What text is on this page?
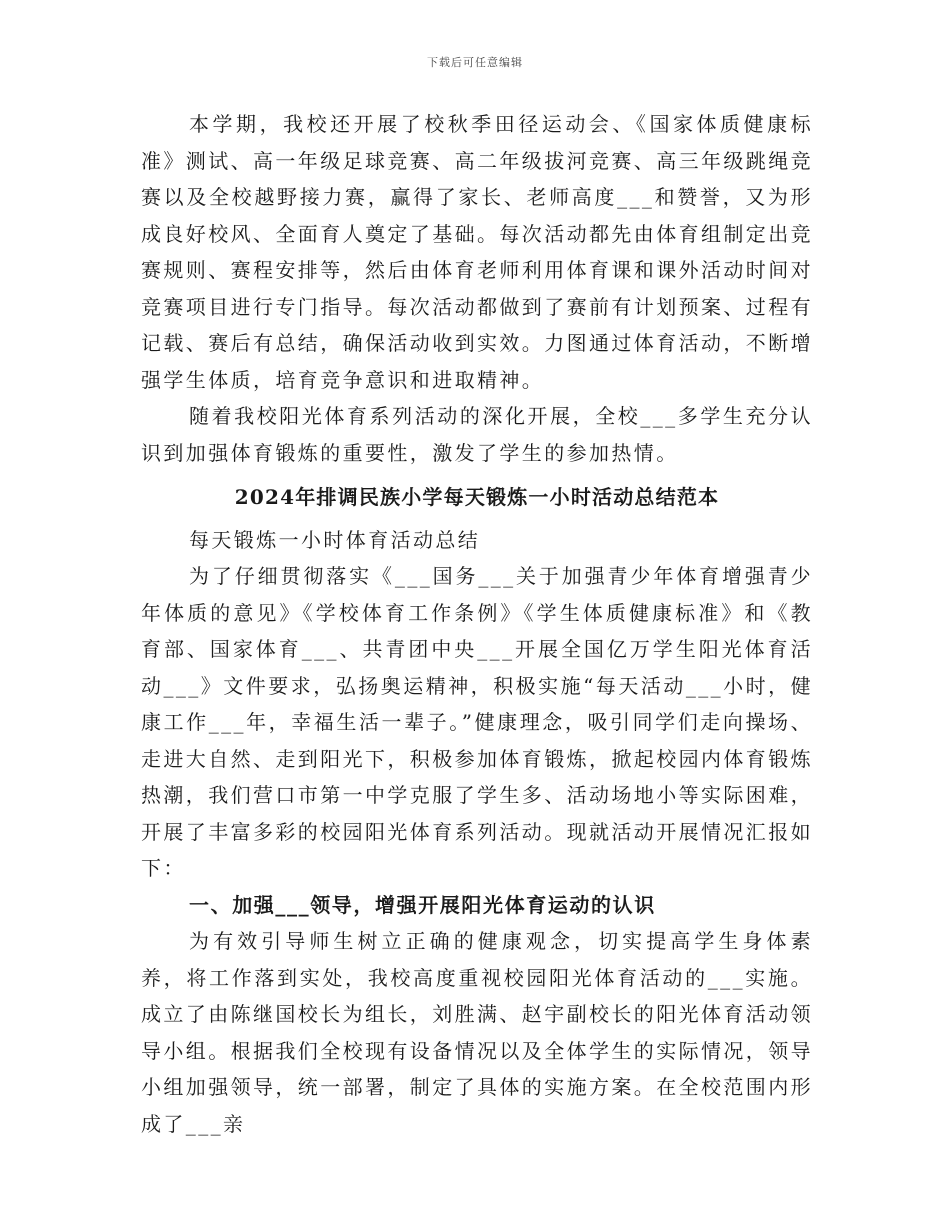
下载后可任意编辑

本学期，我校还开展了校秋季田径运动会、《国家体质健康标准》测试、高一年级足球竞赛、高二年级拔河竞赛、高三年级跳绳竞赛以及全校越野接力赛，赢得了家长、老师高度___和赞誉，又为形成良好校风、全面育人奠定了基础。每次活动都先由体育组制定出竞赛规则、赛程安排等，然后由体育老师利用体育课和课外活动时间对竞赛项目进行专门指导。每次活动都做到了赛前有计划预案、过程有记载、赛后有总结，确保活动收到实效。力图通过体育活动，不断增强学生体质，培育竞争意识和进取精神。

随着我校阳光体育系列活动的深化开展，全校___多学生充分认识到加强体育锻炼的重要性，激发了学生的参加热情。

2024年排调民族小学每天锻炼一小时活动总结范本

每天锻炼一小时体育活动总结

为了仔细贯彻落实《___国务___关于加强青少年体育增强青少年体质的意见》《学校体育工作条例》《学生体质健康标准》和《教育部、国家体育___、共青团中央___开展全国亿万学生阳光体育活动___》文件要求，弘扬奥运精神，积极实施“每天活动___小时，健康工作___年，幸福生活一辈子。”健康理念，吸引同学们走向操场、走进大自然、走到阳光下，积极参加体育锻炼，掀起校园内体育锻炼热潮，我们营口市第一中学克服了学生多、活动场地小等实际困难，开展了丰富多彩的校园阳光体育系列活动。现就活动开展情况汇报如下：

一、加强___领导，增强开展阳光体育运动的认识

为有效引导师生树立正确的健康观念，切实提高学生身体素养，将工作落到实处，我校高度重视校园阳光体育活动的___实施。成立了由陈继国校长为组长，刘胜满、赵宇副校长的阳光体育活动领导小组。根据我们全校现有设备情况以及全体学生的实际情况，领导小组加强领导，统一部署，制定了具体的实施方案。在全校范围内形成了___亲
